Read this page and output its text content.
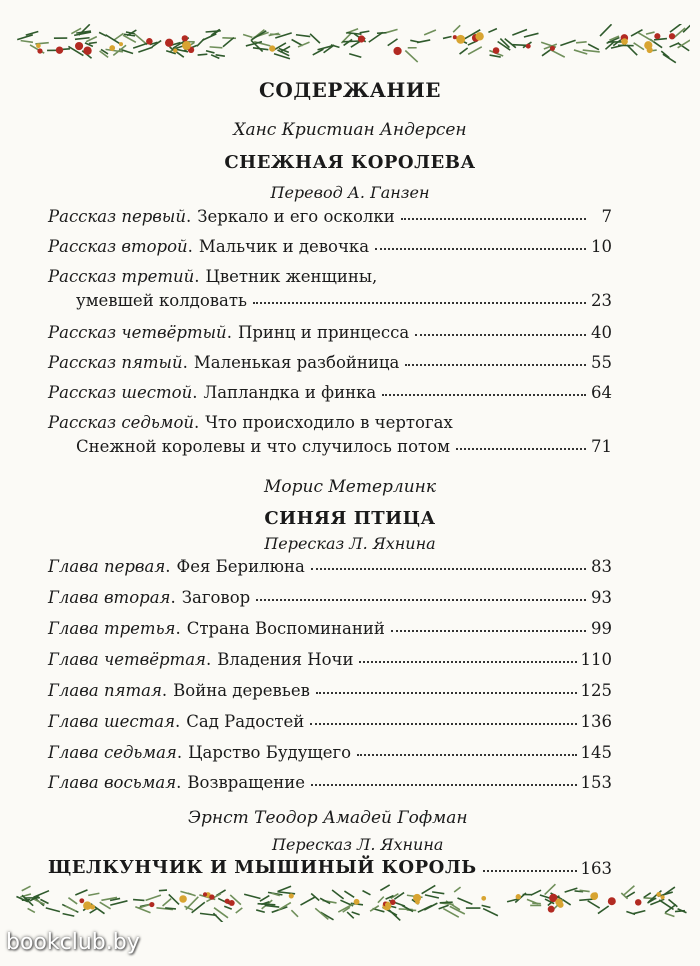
СОДЕРЖАНИЕ
Ханс Кристиан Андерсен
СНЕЖНАЯ КОРОЛЕВА
Перевод А. Ганзен
Рассказ первый . Зеркало и его осколки	7
Рассказ второй . Мальчик и девочка	10
Рассказ третий . Цветник женщины,
умевшей колдовать	23
Рассказ четвёртый . Принц и принцесса	40
Рассказ пятый . Маленькая разбойница	55
Рассказ шестой . Лапландка и финка	64
Рассказ седьмой . Что происходило в чертогах
Снежной королевы и что случилось потом	71
Морис Метерлинк
СИНЯЯ ПТИЦА
Пересказ Л. Яхнина
Глава первая . Фея Берилюна	83
Глава вторая . Заговор	93
Глава третья . Страна Воспоминаний	99
Глава четвёртая . Владения Ночи	110
Глава пятая . Война деревьев	125
Глава шестая . Сад Радостей	136
Глава седьмая . Царство Будущего	145
Глава восьмая . Возвращение	153
Эрнст Теодор Амадей Гофман
Пересказ Л. Яхнина
ЩЕЛКУНЧИК И МЫШИНЫЙ КОРОЛЬ	163
bookclub.by
